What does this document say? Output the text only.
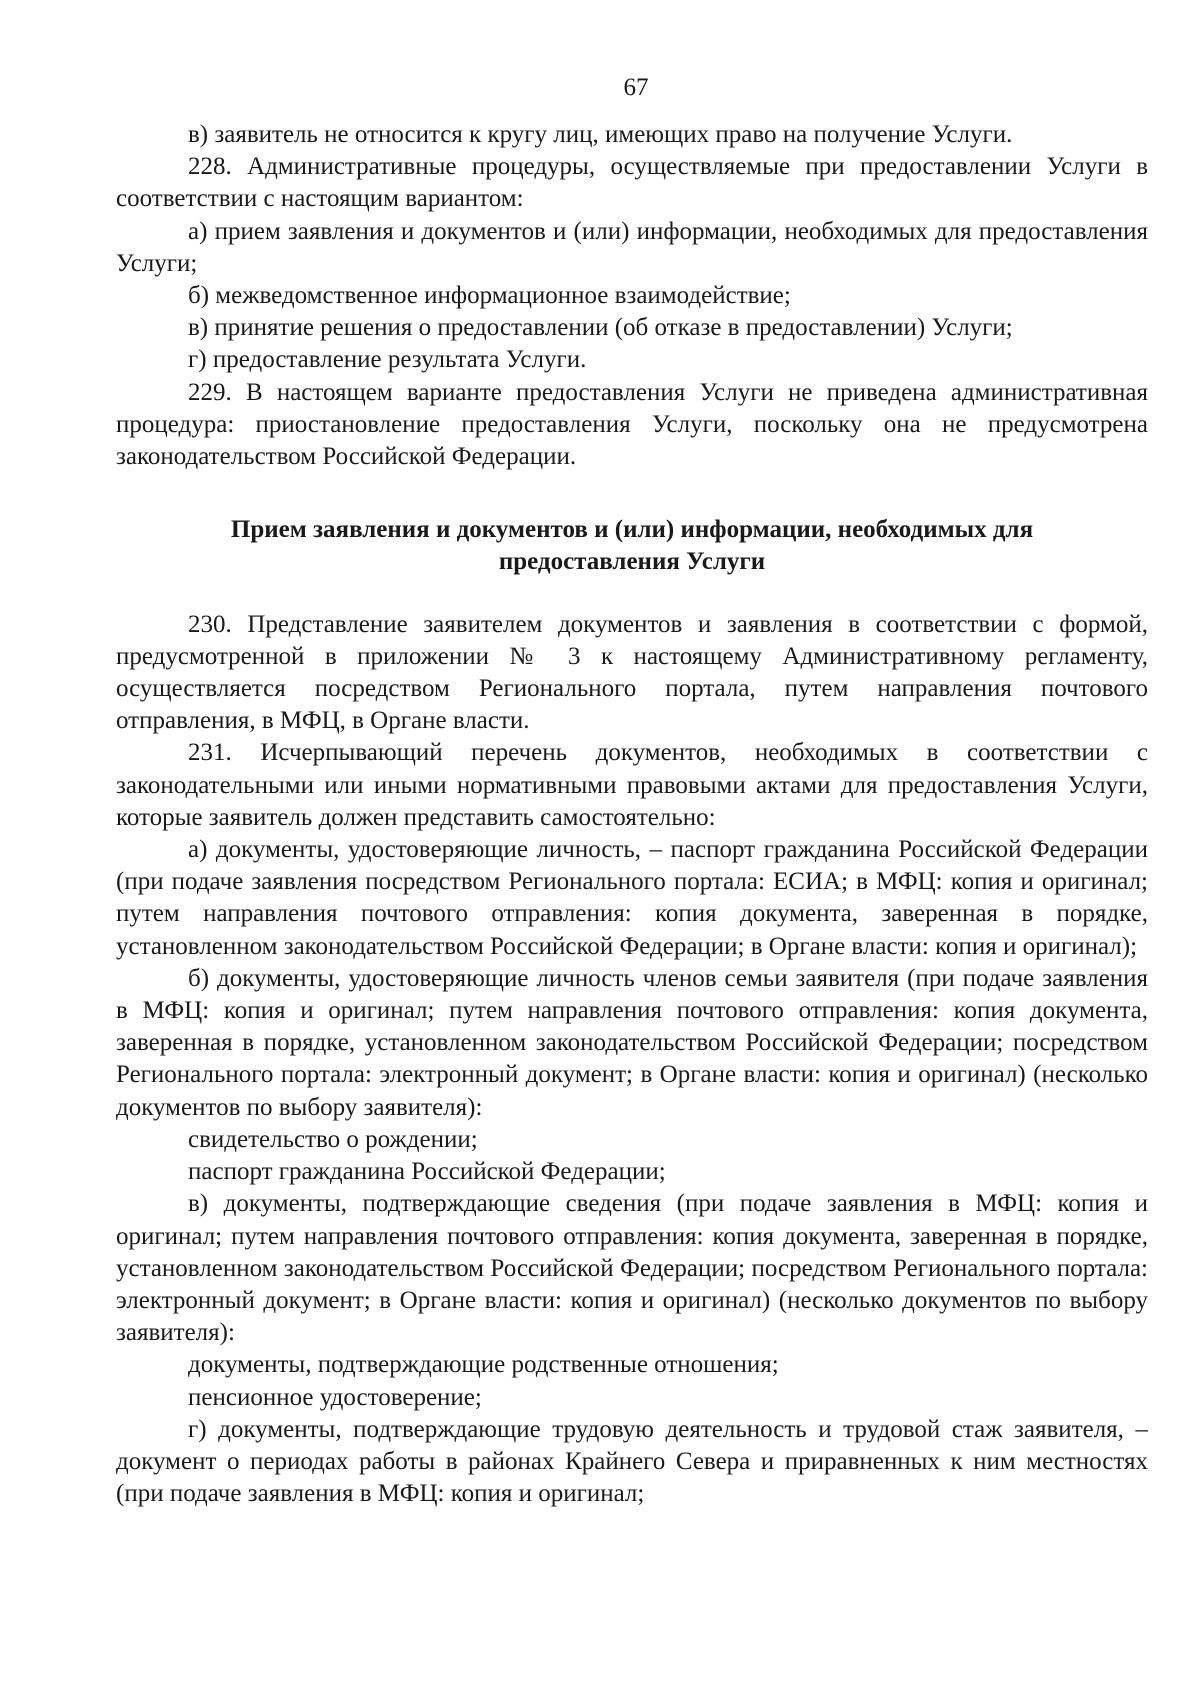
67

в) заявитель не относится к кругу лиц, имеющих право на получение Услуги.

228. Административные процедуры, осуществляемые при предоставлении Услуги в соответствии с настоящим вариантом:

а) прием заявления и документов и (или) информации, необходимых для предоставления Услуги;

б) межведомственное информационное взаимодействие;

в) принятие решения о предоставлении (об отказе в предоставлении) Услуги;

г) предоставление результата Услуги.

229. В настоящем варианте предоставления Услуги не приведена административная процедура: приостановление предоставления Услуги, поскольку она не предусмотрена законодательством Российской Федерации.

Прием заявления и документов и (или) информации, необходимых для
предоставления Услуги

230. Представление заявителем документов и заявления в соответствии с формой, предусмотренной в приложении № 3 к настоящему Административному регламенту, осуществляется посредством Регионального портала, путем направления почтового отправления, в МФЦ, в Органе власти.

231. Исчерпывающий перечень документов, необходимых в соответствии с законодательными или иными нормативными правовыми актами для предоставления Услуги, которые заявитель должен представить самостоятельно:

а) документы, удостоверяющие личность, – паспорт гражданина Российской Федерации (при подаче заявления посредством Регионального портала: ЕСИА; в МФЦ: копия и оригинал; путем направления почтового отправления: копия документа, заверенная в порядке, установленном законодательством Российской Федерации; в Органе власти: копия и оригинал);

б) документы, удостоверяющие личность членов семьи заявителя (при подаче заявления в МФЦ: копия и оригинал; путем направления почтового отправления: копия документа, заверенная в порядке, установленном законодательством Российской Федерации; посредством Регионального портала: электронный документ; в Органе власти: копия и оригинал) (несколько документов по выбору заявителя):

свидетельство о рождении;

паспорт гражданина Российской Федерации;

в) документы, подтверждающие сведения (при подаче заявления в МФЦ: копия и оригинал; путем направления почтового отправления: копия документа, заверенная в порядке, установленном законодательством Российской Федерации; посредством Регионального портала: электронный документ; в Органе власти: копия и оригинал) (несколько документов по выбору заявителя):

документы, подтверждающие родственные отношения;

пенсионное удостоверение;

г) документы, подтверждающие трудовую деятельность и трудовой стаж заявителя, – документ о периодах работы в районах Крайнего Севера и приравненных к ним местностях (при подаче заявления в МФЦ: копия и оригинал;
